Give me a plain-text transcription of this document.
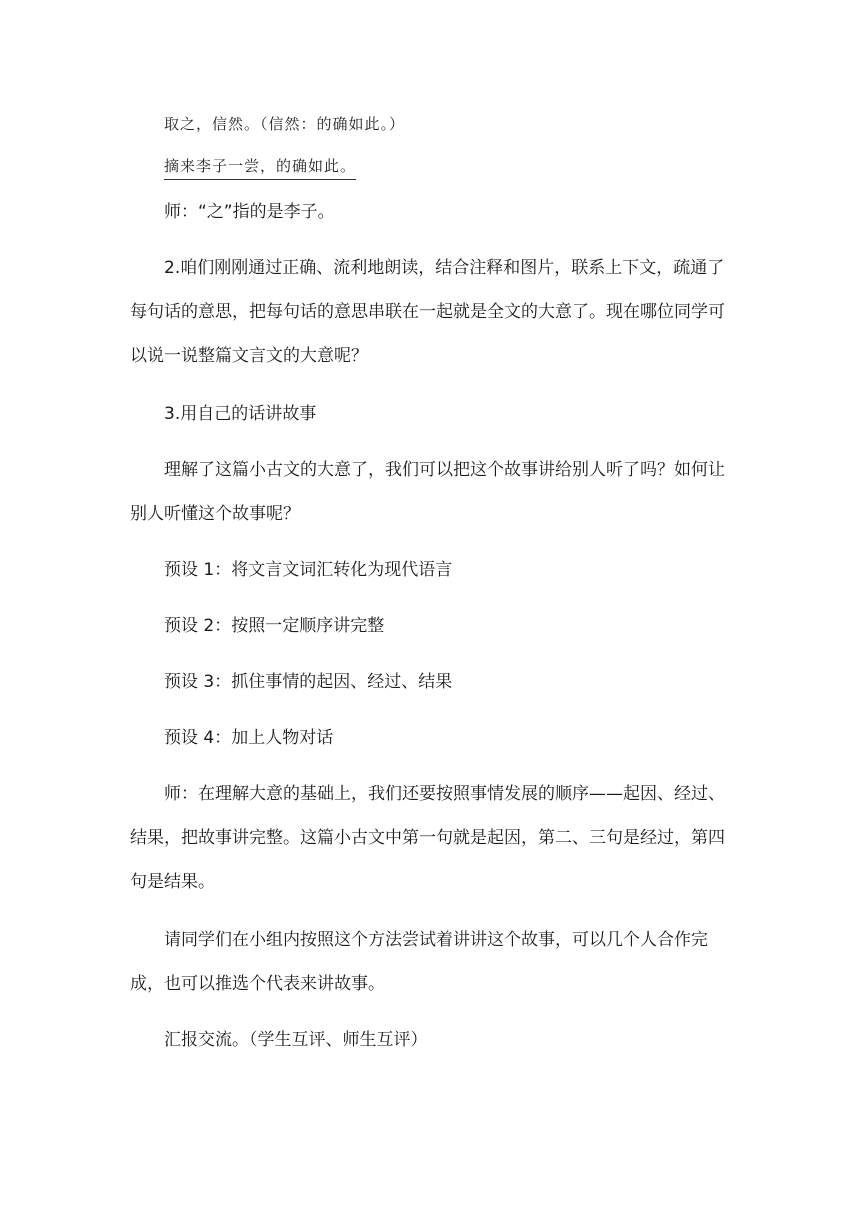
取之，信然。（信然：的确如此。）
摘来李子一尝，的确如此。
师：“之”指的是李子。
2.咱们刚刚通过正确、流利地朗读，结合注释和图片，联系上下文，疏通了
每句话的意思，把每句话的意思串联在一起就是全文的大意了。现在哪位同学可
以说一说整篇文言文的大意呢？
3.用自己的话讲故事
理解了这篇小古文的大意了，我们可以把这个故事讲给别人听了吗？如何让
别人听懂这个故事呢？
预设 1：将文言文词汇转化为现代语言
预设 2：按照一定顺序讲完整
预设 3：抓住事情的起因、经过、结果
预设 4：加上人物对话
师：在理解大意的基础上，我们还要按照事情发展的顺序——起因、经过、
结果，把故事讲完整。这篇小古文中第一句就是起因，第二、三句是经过，第四
句是结果。
请同学们在小组内按照这个方法尝试着讲讲这个故事，可以几个人合作完
成，也可以推选个代表来讲故事。
汇报交流。（学生互评、师生互评）
